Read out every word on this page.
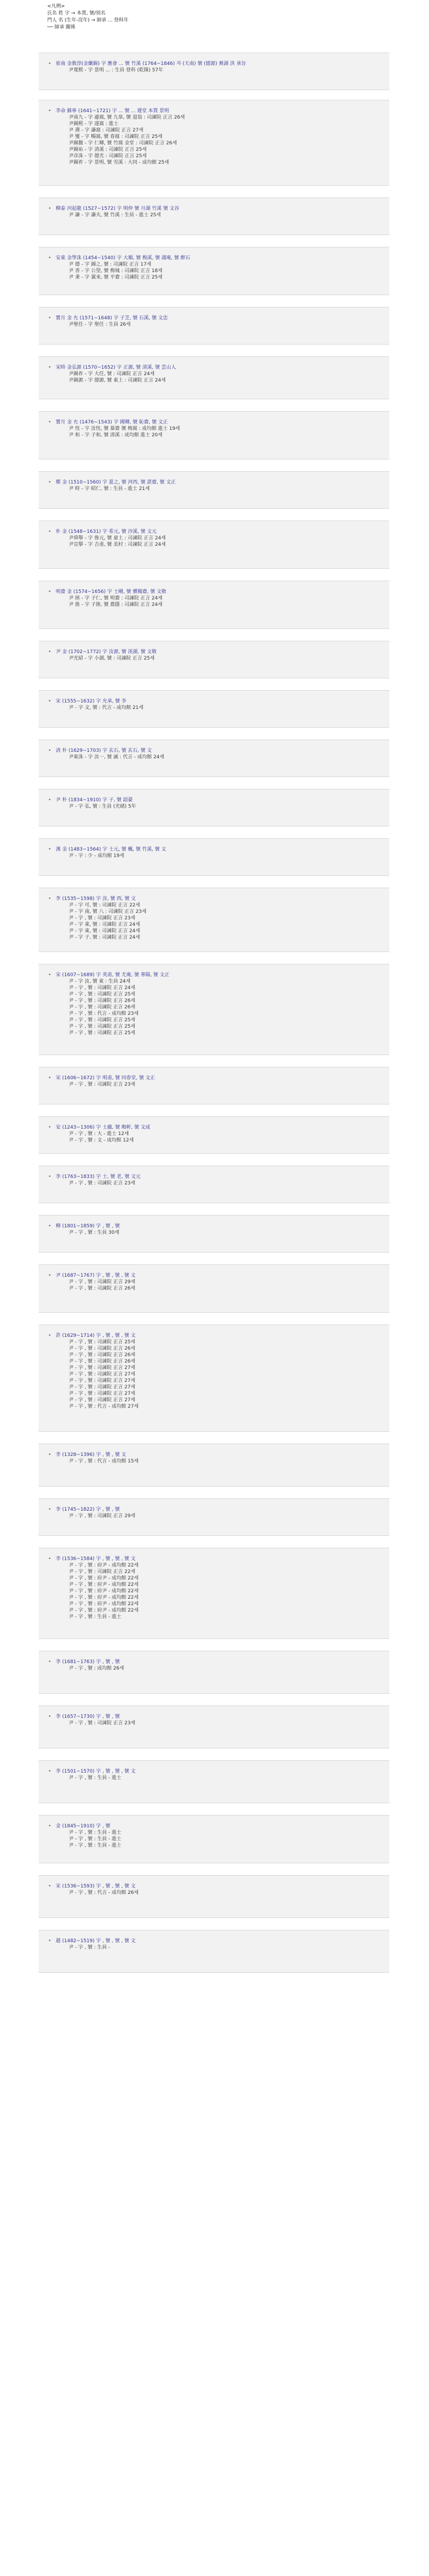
<凡例>
氏名 姓 字 → 本貫, 號/别名
門人 名 (生年-沒年) → 師承 ... 登科年
── 師承 關係
• 崔南 金敎淳(金蘭錫) 字 應會 ... 號 竹溪 (1764~1846) 자 (天南) 號 (德源) 蕪湖 洪 承旨
尹寬熙 - 字 景明 ... : 生員 登科 (乾隆) 57年
• 李命 蘇寧 (1641~1721) 字 ... 號 ... 遲堂 本貫 景明
尹南九 - 字 遜窩, 號 九皐, 號 退翁 : 司諫院 正言 26세
尹錫熙 - 字 遂窩 : 進士
尹 燾 - 字 謙窩 : 司諫院 正言 27세
尹 燮 - 字 暢窩, 號 春窩 : 司諫院 正言 25세
尹錫馥 - 字 仁卿, 號 竹窩 金堂 : 司諫院 正言 26세
尹錫祐 - 字 清溪 : 司諫院 正言 25세
尹彦洙 - 字 德光 : 司諫院 正言 25세
尹錫祚 - 字 景明, 號 雪溪 : 大同 - 成均館 25세
• 柳泰 河起龍 (1527~1572) 字 明仲 號 月湖 竹溪 號 文谷
尹 謙 - 字 謙夫, 號 竹溪 : 生員 - 進士 25세
• 安東 金學洙 (1454~1540) 字 大順, 號 梅溪, 號 謹庵, 號 醉石
尹 德 - 字 錫之, 號 : 司諫院 正言 17세
尹 善 - 字 公望, 號 梅城 : 司諫院 正言 18세
尹 秉 - 字 翼來, 號 平齋 : 司諫院 正言 25세
• 寶月 金 允 (1571~1648) 字 子芝, 號 石溪, 號 文忠
尹聖任 - 字 聖任 : 生員 26세
• 宋時 金弘源 (1570~1652) 字 正源, 號 清溪, 號 雲山人
尹錫祚 - 字 大任, 號 : 司諫院 正言 24세
尹錫源 - 字 德源, 號 東上 : 司諫院 正言 24세
• 寶月 金 允 (1476~1543) 字 國卿, 號 恥齋, 號 文正
尹 忱 - 字 汝忱, 號 慕齋 號 梅窩 : 成均館 進士 19세
尹 和 - 字 子和, 號 淸溪 : 成均館 進士 20세
• 鄭 金 (1510~1560) 字 夏之, 號 河西, 號 湛齋, 號 文正
尹 時 - 字 昭仁, 號 : 生員 - 進士 21세
• 朴 金 (1548~1631) 字 希元, 號 沙溪, 號 文元
尹舜舉 - 字 魯元, 號 童土 : 司諫院 正言 24세
尹宣擧 - 字 吉甫, 號 美村 : 司諫院 正言 24세
• 明齋 金 (1574~1656) 字 士剛, 號 愼獨齋, 號 文敬
尹 拯 - 字 子仁, 號 明齋 : 司諫院 正言 24세
尹 推 - 字 子推, 號 農隱 : 司諫院 正言 24세
• 尹 金 (1702~1772) 字 汝源, 號 渼湖, 號 文敬
尹光紹 - 字 小湖, 號 : 司諫院 正言 25세
• 宋 (1555~1632) 字 允承, 號 李
尹 - 字 文, 號 : 代言 - 成均館 21세
• 淸 朴 (1629~1703) 字 玄石, 號 玄石, 號 文
尹東洙 - 字 汝一, 號 誠 : 代言 - 成均館 24세
• 尹 朴 (1834~1910) 字 子, 號 韶臺
尹 - 字 弘, 號 : 生員 (光緖) 5年
• 漢 金 (1483~1564) 字 士元, 號 楓, 號 竹溪, 號 文
尹 - 字 : 少 - 成均館 19세
• 李 (1535~1598) 字 汝, 號 西, 號 文
尹 - 字 可, 號 : 司諫院 正言 22세
尹 - 字 南, 號 八 : 司諫院 正言 23세
尹 - 字 , 號 : 司諫院 正言 23세
尹 - 字 東, 號 : 司諫院 正言 24세
尹 - 字 東, 號 : 司諫院 正言 24세
尹 - 字 子, 號 : 司諫院 正言 24세
• 宋 (1607~1689) 字 英甫, 號 尤庵, 號 華陽, 號 文正
尹 - 字 汝, 號 東 : 生員 24세
尹 - 字 , 號 : 司諫院 正言 24세
尹 - 字 , 號 : 司諫院 正言 25세
尹 - 字 , 號 : 司諫院 正言 26세
尹 - 字 , 號 : 司諫院 正言 26세
尹 - 字 , 號 : 代言 - 成均館 23세
尹 - 字 , 號 : 司諫院 正言 25세
尹 - 字 , 號 : 司諫院 正言 25세
尹 - 字 , 號 : 司諫院 正言 25세
• 宋 (1606~1672) 字 明甫, 號 同春堂, 號 文正
尹 - 字 , 號 : 司諫院 正言 23세
• 安 (1243~1306) 字 士蘊, 號 晦軒, 號 文成
尹 - 字 , 號 : 大 - 進士 12세
尹 - 字 , 號 : 文 - 成均館 12세
• 李 (1763~1833) 字 士, 號 老, 號 文元
尹 - 字 , 號 : 司諫院 正言 23세
• 柳 (1801~1859) 字 , 號 , 號
尹 - 字 , 號 : 生員 30세
• 尹 (1687~1767) 字 , 號 , 號 , 號 文
尹 - 字 , 號 : 司諫院 正言 29세
尹 - 字 , 號 : 司諫院 正言 26세
• 許 (1629~1714) 字 , 號 , 號 , 號 文
尹 - 字 , 號 : 司諫院 正言 25세
尹 - 字 , 號 : 司諫院 正言 26세
尹 - 字 , 號 : 司諫院 正言 26세
尹 - 字 , 號 : 司諫院 正言 26세
尹 - 字 , 號 : 司諫院 正言 27세
尹 - 字 , 號 : 司諫院 正言 27세
尹 - 字 , 號 : 司諫院 正言 27세
尹 - 字 , 號 : 司諫院 正言 27세
尹 - 字 , 號 : 司諫院 正言 27세
尹 - 字 , 號 : 司諫院 正言 27세
尹 - 字 , 號 : 代言 - 成均館 27세
• 李 (1328~1396) 字 , 號 , 號 文
尹 - 字 , 號 : 代言 - 成均館 15세
• 李 (1745~1822) 字 , 號 , 號
尹 - 字 , 號 : 司諫院 正言 29세
• 李 (1536~1584) 字 , 號 , 號 , 號 文
尹 - 字 , 號 : 府尹 - 成均館 22세
尹 - 字 , 號 : 司諫院 正言 22세
尹 - 字 , 號 : 府尹 - 成均館 22세
尹 - 字 , 號 : 府尹 - 成均館 22세
尹 - 字 , 號 : 府尹 - 成均館 22세
尹 - 字 , 號 : 府尹 - 成均館 22세
尹 - 字 , 號 : 府尹 - 成均館 22세
尹 - 字 , 號 : 府尹 - 成均館 22세
尹 - 字 , 號 : 生員 - 進士
• 李 (1681~1763) 字 , 號 , 號
尹 - 字 , 號 : 成均館 26세
• 李 (1657~1730) 字 , 號 , 號
尹 - 字 , 號 : 司諫院 正言 23세
• 李 (1501~1570) 字 , 號 , 號 , 號 文
尹 - 字 , 號 : 生員 - 進士
• 金 (1845~1910) 字 , 號
尹 - 字 , 號 : 生員 - 進士
尹 - 字 , 號 : 生員 - 進士
尹 - 字 , 號 : 生員 - 進士
• 宋 (1536~1593) 字 , 號 , 號 , 號 文
尹 - 字 , 號 : 代言 - 成均館 26세
• 趙 (1482~1519) 字 , 號 , 號 , 號 文
尹 - 字 , 號 : 生員 -
